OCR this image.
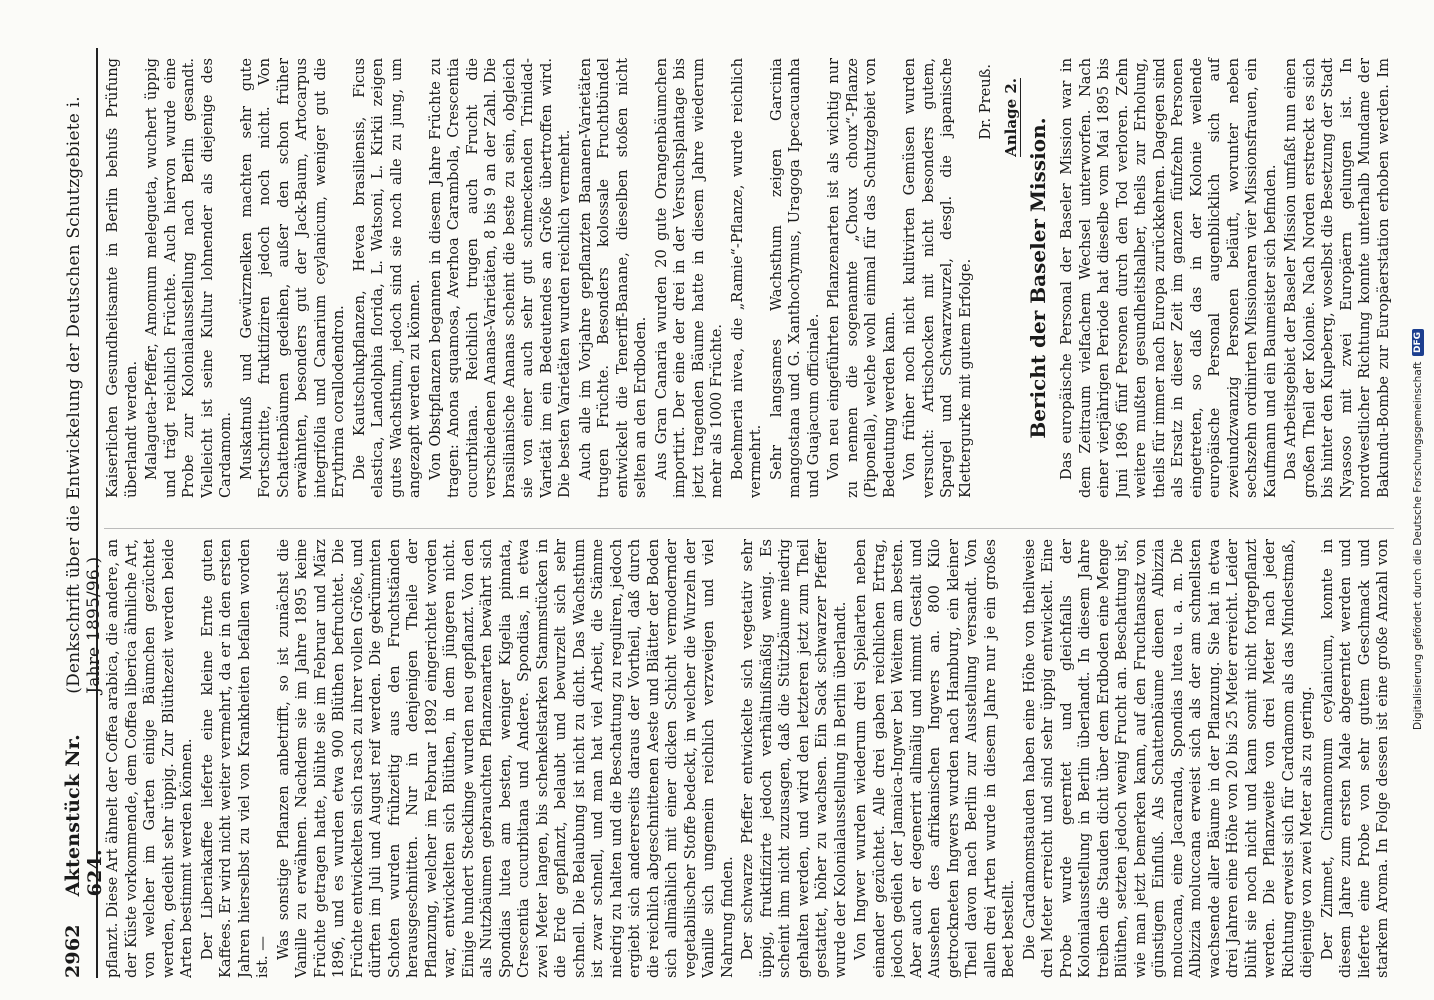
2962
Aktenstück Nr. 624.
(Denkschrift über die Entwickelung der Deutschen Schutzgebiete i. Jahre 1895/96.) pflanzt. Diese Art ähnelt der Coffea arabica, die andere, an der Küste vorkommende, dem Coffea liberica ähnliche Art, von welcher im Garten einige Bäumchen gezüchtet werden, gedeiht sehr üppig. Zur Blüthezeit werden beide Arten bestimmt werden können. Der Liberiakaffee lieferte eine kleine Ernte guten Kaffees. Er wird nicht weiter vermehrt, da er in den ersten Jahren hierselbst zu viel von Krankheiten befallen worden ist. — Was sonstige Pflanzen anbetrifft, so ist zunächst die Vanille zu erwähnen. Nachdem sie im Jahre 1895 keine Früchte getragen hatte, blühte sie im Februar und März 1896, und es wurden etwa 900 Blüthen befruchtet. Die Früchte entwickelten sich rasch zu ihrer vollen Größe, und dürften im Juli und August reif werden. Die gekrümmten Schoten wurden frühzeitig aus den Fruchtständen herausgeschnitten. Nur in denjenigen Theile der Pflanzung, welcher im Februar 1892 eingerichtet worden war, entwickelten sich Blüthen, in dem jüngeren nicht. Einige hundert Stecklinge wurden neu gepflanzt. Von den als Nutzbäumen gebrauchten Pflanzenarten bewährt sich Spondias lutea am besten, weniger Kigelia pinnata, Crescentia cucurbitana und Andere. Spondias, in etwa zwei Meter langen, bis schenkelstarken Stammstücken in die Erde gepflanzt, belaubt und bewurzelt sich sehr schnell. Die Belaubung ist nicht zu dicht. Das Wachsthum ist zwar schnell, und man hat viel Arbeit, die Stämme niedrig zu halten und die Beschattung zu reguliren, jedoch ergiebt sich andererseits daraus der Vortheil, daß durch die reichlich abgeschnittenen Aeste und Blätter der Boden sich allmählich mit einer dicken Schicht vermodernder vegetabilischer Stoffe bedeckt, in welcher die Wurzeln der Vanille sich ungemein reichlich verzweigen und viel Nahrung finden. Der schwarze Pfeffer entwickelte sich vegetativ sehr üppig, fruktifizirte jedoch verhältnißmäßig wenig. Es scheint ihm nicht zuzusagen, daß die Stützbäume niedrig gehalten werden, und wird den letzteren jetzt zum Theil gestattet, höher zu wachsen. Ein Sack schwarzer Pfeffer wurde der Kolonialausstellung in Berlin überlandt. Von Ingwer wurden wiederum drei Spielarten neben einander gezüchtet. Alle drei gaben reichlichen Ertrag, jedoch gedieh der Jamaica-Ingwer bei Weitem am besten. Aber auch er degenerirt allmälig und nimmt Gestalt und Aussehen des afrikanischen Ingwers an. 800 Kilo getrockneten Ingwers wurden nach Hamburg, ein kleiner Theil davon nach Berlin zur Ausstellung versandt. Von allen drei Arten wurde in diesem Jahre nur je ein großes Beet bestellt. Die Cardamomstauden haben eine Höhe von theilweise drei Meter erreicht und sind sehr üppig entwickelt. Eine Probe wurde geerntet und gleichfalls der Kolonialausstellung in Berlin überlandt. In diesem Jahre treiben die Stauden dicht über dem Erdboden eine Menge Blüthen, setzten jedoch wenig Frucht an. Beschattung ist, wie man jetzt bemerken kann, auf den Fruchtansatz von günstigem Einfluß. Als Schattenbäume dienen Albizzia moluccana, eine Jacaranda, Spondias lutea u. a. m. Die Albizzia moluccana erweist sich als der am schnellsten wachsende aller Bäume in der Pflanzung. Sie hat in etwa drei Jahren eine Höhe von 20 bis 25 Meter erreicht. Leider blüht sie noch nicht und kann somit nicht fortgepflanzt werden. Die Pflanzweite von drei Meter nach jeder Richtung erweist sich für Cardamom als das Mindestmaß, diejenige von zwei Meter als zu gering. Der Zimmet, Cinnamomum ceylanicum, konnte in diesem Jahre zum ersten Male abgeerntet werden und lieferte eine Probe von sehr gutem Geschmack und starkem Aroma. In Folge dessen ist eine große Anzahl von

Kaiserlichen Gesundheitsamte in Berlin behufs Prüfung überlandt werden. Malagueta-Pfeffer, Amomum melegueta, wuchert üppig und trägt reichlich Früchte. Auch hiervon wurde eine Probe zur Kolonialausstellung nach Berlin gesandt. Vielleicht ist seine Kultur lohnender als diejenige des Cardamom. Muskatnuß und Gewürznelken machten sehr gute Fortschritte, fruktifiziren jedoch noch nicht. Von Schattenbäumen gedeihen, außer den schon früher erwähnten, besonders gut der Jack-Baum, Artocarpus integrifolia und Canarium ceylanicum, weniger gut die Erythrina corallodendron. Die Kautschukpflanzen, Hevea brasiliensis, Ficus elastica, Landolphia florida, L. Watsoni, L. Kirkii zeigen gutes Wachsthum, jedoch sind sie noch alle zu jung, um angezapft werden zu können. Von Obstpflanzen begannen in diesem Jahre Früchte zu tragen: Anona squamosa, Averhoa Carambola, Crescentia cucurbitana. Reichlich trugen auch Frucht die verschiedenen Ananas-Varietäten, 8 bis 9 an der Zahl. Die brasilianische Ananas scheint die beste zu sein, obgleich sie von einer auch sehr gut schmeckenden Trinidad-Varietät im ein Bedeutendes an Größe übertroffen wird. Die besten Varietäten wurden reichlich vermehrt. Auch alle im Vorjahre gepflanzten Bananen-Varietäten trugen Früchte. Besonders kolossale Fruchtbündel entwickelt die Teneriff-Banane, dieselben stoßen nicht selten an den Erdboden. Aus Gran Canaria wurden 20 gute Orangenbäumchen importirt. Der eine der drei in der Versuchsplantage bis jetzt tragenden Bäume hatte in diesem Jahre wiederum mehr als 1000 Früchte. Boehmeria nivea, die „Ramie“-Pflanze, wurde reichlich vermehrt. Sehr langsames Wachsthum zeigen Garcinia mangostana und G. Xanthochymus, Uragoga Ipecacuanha und Guajacum officinale. Von neu eingeführten Pflanzenarten ist als wichtig nur zu nennen die sogenannte „Choux choux“-Pflanze (Piponella), welche wohl einmal für das Schutzgebiet von Bedeutung werden kann. Von früher noch nicht kultivirten Gemüsen wurden versucht: Artischocken mit nicht besonders gutem, Spargel und Schwarzwurzel, desgl. die japanische Klettergurke mit gutem Erfolge.

Dr. Preuß. Anlage 2. Bericht der Baseler Mission. Das europäische Personal der Baseler Mission war in dem Zeitraum vielfachem Wechsel unterworfen. Nach einer vierjährigen Periode hat dieselbe vom Mai 1895 bis Juni 1896 fünf Personen durch den Tod verloren. Zehn weitere mußten gesundheitshalber, theils zur Erholung, theils für immer nach Europa zurückkehren. Dagegen sind als Ersatz in dieser Zeit im ganzen fünfzehn Personen eingetreten, so daß das in der Kolonie weilende europäische Personal augenblicklich sich auf zweiundzwanzig Personen beläuft, worunter neben sechszehn ordinirten Missionaren vier Missionsfrauen, ein Kaufmann und ein Baumeister sich befinden. Das Arbeitsgebiet der Baseler Mission umfaßt nun einen großen Theil der Kolonie. Nach Norden erstreckt es sich bis hinter den Kupeberg, woselbst die Besetzung der Stadt Nyasoso mit zwei Europäern gelungen ist. In nordwestlicher Richtung konnte unterhalb Mundame der Bakundu-Bombe zur Europäerstation erhoben werden. Im

Digitalisierung gefördert durch die Deutsche Forschungsgemeinschaft
DFG
